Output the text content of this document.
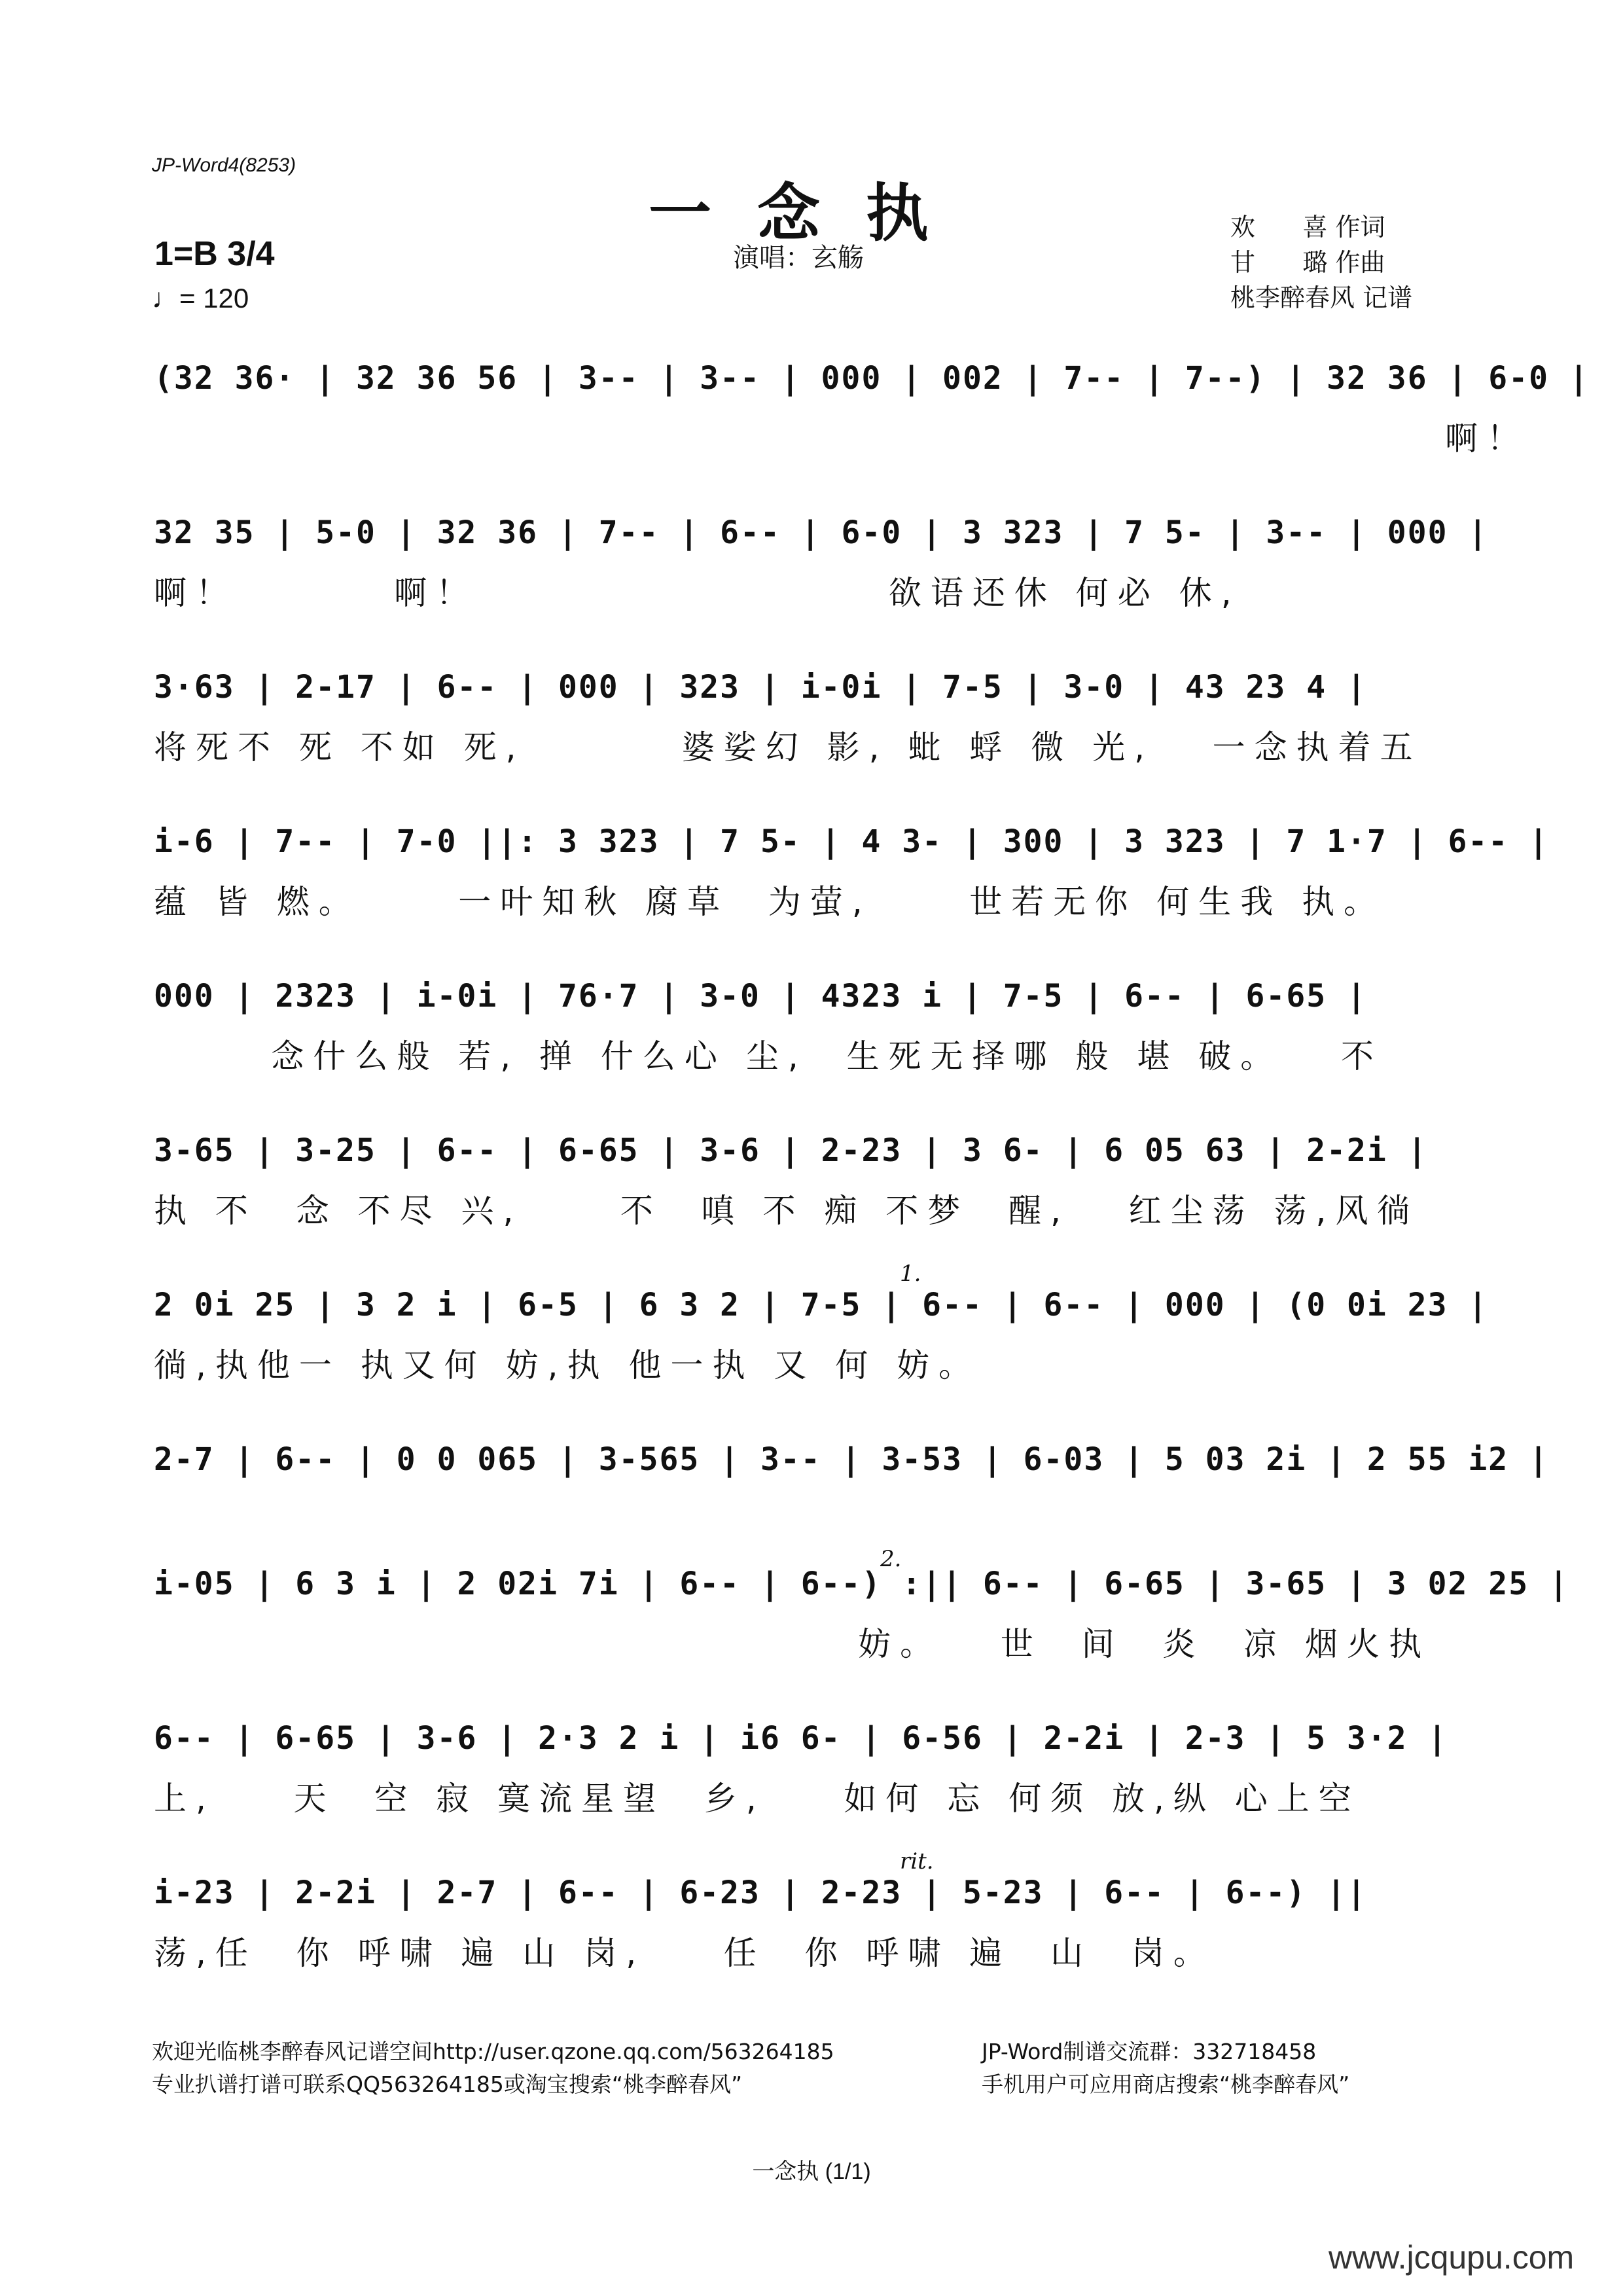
JP-Word4(8253)
一念执
演唱：玄觞
1=B 3/4
♩= 120
欢      喜 作词
甘      璐 作曲
桃李醉春风 记谱
(32 36· | 32 36 56 | 3-- | 3-- | 000 | 002 | 7-- | 7--) | 32 36 | 6-0 |
啊！
32 35 | 5-0 | 32 36 | 7-- | 6-- | 6-0 | 3 323 | 7 5- | 3-- | 000 |
啊！        啊！                     欲语还休 何必 休,
3·63 | 2-17 | 6-- | 000 | 323 | i-0i | 7-5 | 3-0 | 43 23 4 |
将死不 死 不如 死,        婆娑幻 影, 蚍 蜉 微 光,   一念执着五
i-6 | 7-- | 7-0 ||: 3 323 | 7 5- | 4 3- | 300 | 3 323 | 7 1·7 | 6-- |
蕴 皆 燃。     一叶知秋 腐草  为萤,     世若无你 何生我 执。
000 | 2323 | i-0i | 76·7 | 3-0 | 4323 i | 7-5 | 6-- | 6-65 |
念什么般 若, 掸 什么心 尘,  生死无择哪 般 堪 破。   不
3-65 | 3-25 | 6-- | 6-65 | 3-6 | 2-23 | 3 6- | 6 05 63 | 2-2i |
执 不  念 不尽 兴,     不  嗔 不 痴 不梦  醒,   红尘荡 荡,风徜
1.
2 0i 25 | 3 2 i | 6-5 | 6 3 2 | 7-5 | 6-- | 6-- | 000 | (0 0i 23 |
徜,执他一 执又何 妨,执 他一执 又 何 妨。
2-7 | 6-- | 0 0 065 | 3-565 | 3-- | 3-53 | 6-03 | 5 03 2i | 2 55 i2 |
2.
i-05 | 6 3 i | 2 02i 7i | 6-- | 6--) :|| 6-- | 6-65 | 3-65 | 3 02 25 |
妨。   世  间  炎  凉 烟火执
6-- | 6-65 | 3-6 | 2·3 2 i | i6 6- | 6-56 | 2-2i | 2-3 | 5 3·2 |
上,    天  空 寂 寞流星望  乡,    如何 忘 何须 放,纵 心上空
rit.
i-23 | 2-2i | 2-7 | 6-- | 6-23 | 2-23 | 5-23 | 6-- | 6--) ||
荡,任  你 呼啸 遍 山 岗,    任  你 呼啸 遍  山  岗。
欢迎光临桃李醉春风记谱空间http://user.qzone.qq.com/563264185
专业扒谱打谱可联系QQ563264185或淘宝搜索“桃李醉春风”
JP-Word制谱交流群：332718458
手机用户可应用商店搜索“桃李醉春风”
一念执 (1/1)
www.jcqupu.com
